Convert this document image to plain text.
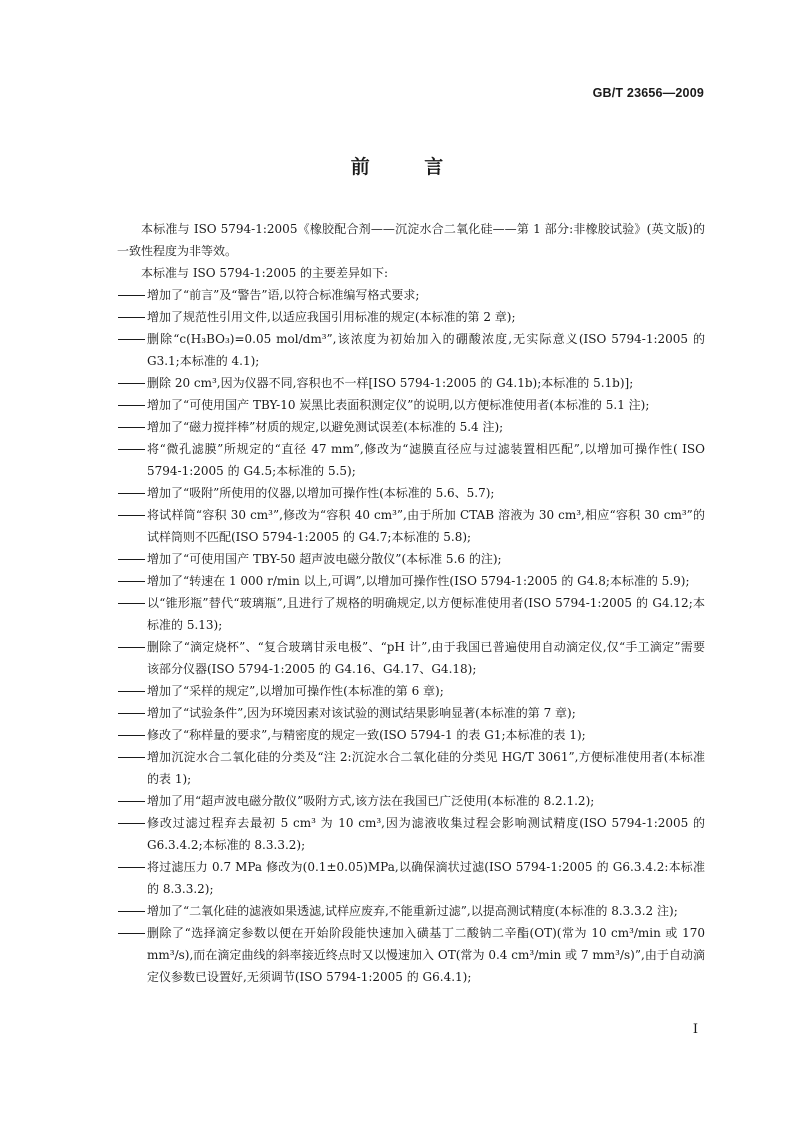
GB/T 23656—2009
前 言

本标准与 ISO 5794-1:2005《橡胶配合剂——沉淀水合二氧化硅——第 1 部分:非橡胶试验》(英文版)的一致性程度为非等效。

本标准与 ISO 5794-1:2005 的主要差异如下:

增加了“前言”及“警告”语,以符合标准编写格式要求;

增加了规范性引用文件,以适应我国引用标准的规定(本标准的第 2 章);

删除“c(H₃BO₃)=0.05 mol/dm³”,该浓度为初始加入的硼酸浓度,无实际意义(ISO 5794-1:2005 的 G3.1;本标准的 4.1);

删除 20 cm³,因为仪器不同,容积也不一样[ISO 5794-1:2005 的 G4.1b);本标准的 5.1b)];

增加了“可使用国产 TBY-10 炭黑比表面积测定仪”的说明,以方便标准使用者(本标准的 5.1 注);

增加了“磁力搅拌棒”材质的规定,以避免测试误差(本标准的 5.4 注);

将“微孔滤膜”所规定的“直径 47 mm”,修改为“滤膜直径应与过滤装置相匹配”,以增加可操作性( ISO 5794-1:2005 的 G4.5;本标准的 5.5);

增加了“吸附”所使用的仪器,以增加可操作性(本标准的 5.6、5.7);

将试样筒“容积 30 cm³”,修改为“容积 40 cm³”,由于所加 CTAB 溶液为 30 cm³,相应“容积 30 cm³”的试样筒则不匹配(ISO 5794-1:2005 的 G4.7;本标准的 5.8);

增加了“可使用国产 TBY-50 超声波电磁分散仪”(本标准 5.6 的注);

增加了“转速在 1 000 r/min 以上,可调”,以增加可操作性(ISO 5794-1:2005 的 G4.8;本标准的 5.9);

以“锥形瓶”替代“玻璃瓶”,且进行了规格的明确规定,以方便标准使用者(ISO 5794-1:2005 的 G4.12;本标准的 5.13);

删除了“滴定烧杯”、“复合玻璃甘汞电极”、“pH 计”,由于我国已普遍使用自动滴定仪,仅“手工滴定”需要该部分仪器(ISO 5794-1:2005 的 G4.16、G4.17、G4.18);

增加了“采样的规定”,以增加可操作性(本标准的第 6 章);

增加了“试验条件”,因为环境因素对该试验的测试结果影响显著(本标准的第 7 章);

修改了“称样量的要求”,与精密度的规定一致(ISO 5794-1 的表 G1;本标准的表 1);

增加沉淀水合二氧化硅的分类及“注 2:沉淀水合二氧化硅的分类见 HG/T 3061”,方便标准使用者(本标准的表 1);

增加了用“超声波电磁分散仪”吸附方式,该方法在我国已广泛使用(本标准的 8.2.1.2);

修改过滤过程弃去最初 5 cm³ 为 10 cm³,因为滤液收集过程会影响测试精度(ISO 5794-1:2005 的 G6.3.4.2;本标准的 8.3.3.2);

将过滤压力 0.7 MPa 修改为(0.1±0.05)MPa,以确保滴状过滤(ISO 5794-1:2005 的 G6.3.4.2:本标准的 8.3.3.2);

增加了“二氧化硅的滤液如果透滤,试样应废弃,不能重新过滤”,以提高测试精度(本标准的 8.3.3.2 注);

删除了“选择滴定参数以便在开始阶段能快速加入磺基丁二酸钠二辛酯(OT)(常为 10 cm³/min 或 170 mm³/s),而在滴定曲线的斜率接近终点时又以慢速加入 OT(常为 0.4 cm³/min 或 7 mm³/s)”,由于自动滴定仪参数已设置好,无须调节(ISO 5794-1:2005 的 G6.4.1);

I
